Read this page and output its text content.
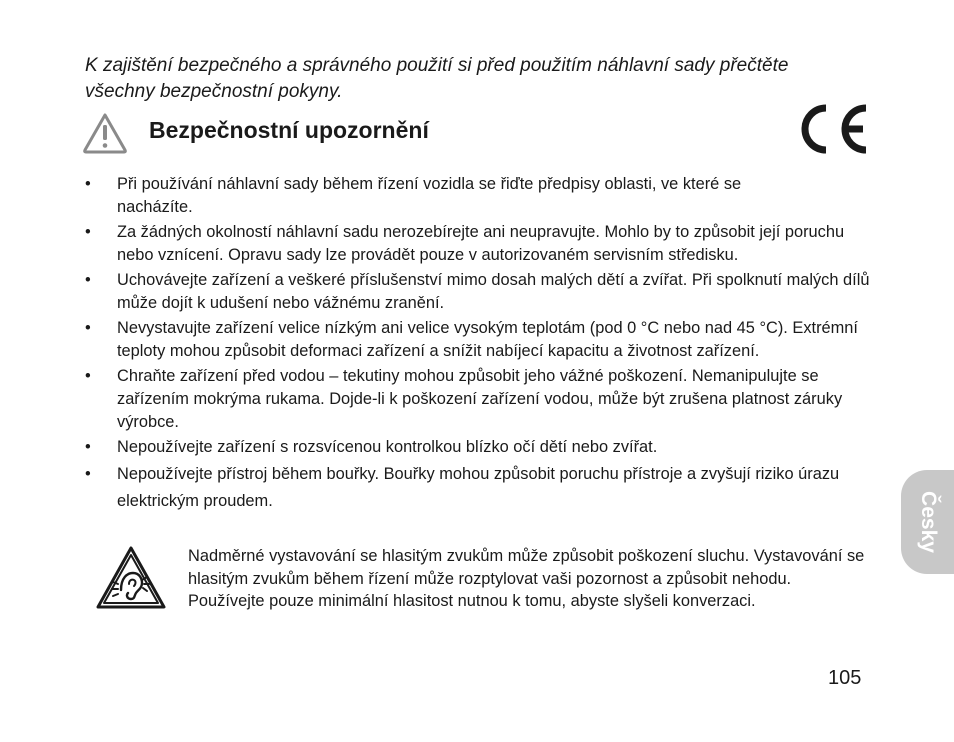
K zajištění bezpečného a správného použití si před použitím náhlavní sady přečtěte všechny bezpečnostní pokyny.

Bezpečnostní upozornění
• Při používání náhlavní sady během řízení vozidla se řiďte předpisy oblasti, ve které se nacházíte.
• Za žádných okolností náhlavní sadu nerozebírejte ani neupravujte. Mohlo by to způsobit její poruchu nebo vznícení. Opravu sady lze provádět pouze v autorizovaném servisním středisku.
• Uchovávejte zařízení a veškeré příslušenství mimo dosah malých dětí a zvířat. Při spolknutí malých dílů může dojít k udušení nebo vážnému zranění.
• Nevystavujte zařízení velice nízkým ani velice vysokým teplotám (pod 0 °C nebo nad 45 °C). Extrémní teploty mohou způsobit deformaci zařízení a snížit nabíjecí kapacitu a životnost zařízení.
• Chraňte zařízení před vodou – tekutiny mohou způsobit jeho vážné poškození. Nemanipulujte se zařízením mokrýma rukama. Dojde-li k poškození zařízení vodou, může být zrušena platnost záruky výrobce.
• Nepoužívejte zařízení s rozsvícenou kontrolkou blízko očí dětí nebo zvířat.
• Nepoužívejte přístroj během bouřky. Bouřky mohou způsobit poruchu přístroje a zvyšují riziko úrazu elektrickým proudem.

Nadměrné vystavování se hlasitým zvukům může způsobit poškození sluchu. Vystavování se hlasitým zvukům během řízení může rozptylovat vaši pozornost a způsobit nehodu. Používejte pouze minimální hlasitost nutnou k tomu, abyste slyšeli konverzaci.

105

Česky
